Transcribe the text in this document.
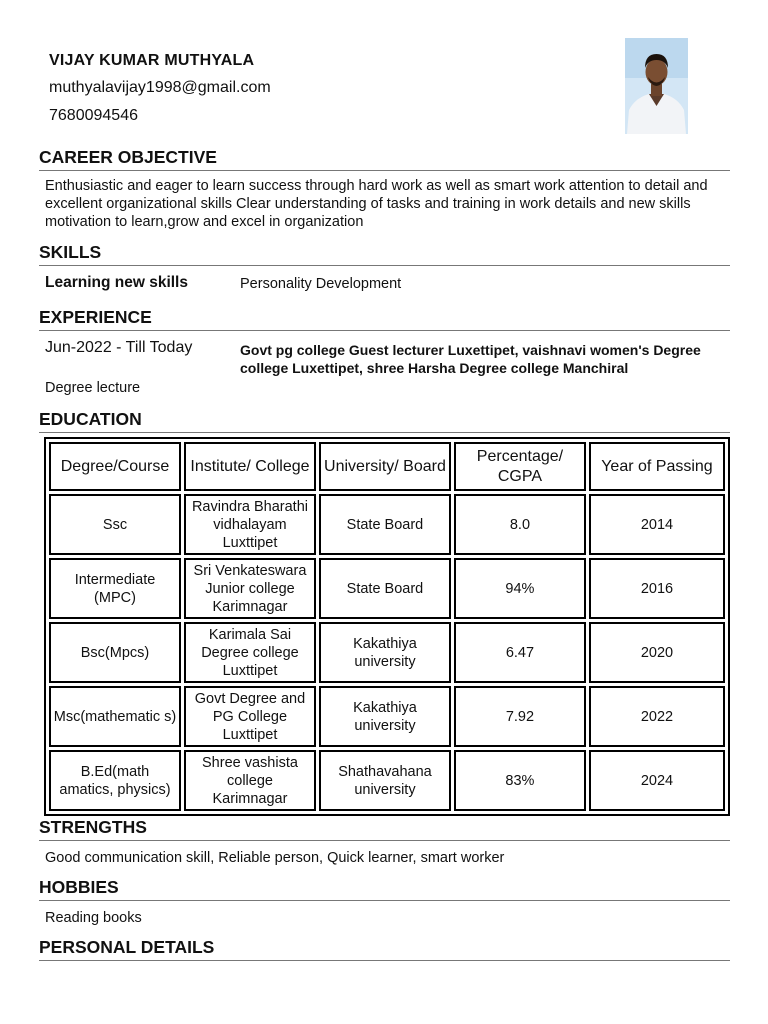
VIJAY KUMAR MUTHYALA
muthyalavijay1998@gmail.com
7680094546
CAREER OBJECTIVE
Enthusiastic and eager to learn success through hard work as well as smart work attention to detail and excellent organizational skills Clear understanding of tasks and training in work details and new skills motivation to learn,grow and excel in organization
SKILLS
Learning new skills	Personality Development
EXPERIENCE
Jun-2022 - Till Today	Govt pg college Guest lecturer Luxettipet, vaishnavi women's Degree college Luxettipet, shree Harsha Degree college Manchiral
Degree lecture
EDUCATION
Degree/Course	Institute/ College	University/ Board	Percentage/ CGPA	Year of Passing
Ssc	Ravindra Bharathi vidhalayam Luxttipet	State Board	8.0	2014
Intermediate (MPC)	Sri Venkateswara Junior college Karimnagar	State Board	94%	2016
Bsc(Mpcs)	Karimala Sai Degree college Luxttipet	Kakathiya university	6.47	2020
Msc(mathematic s)	Govt Degree and PG College Luxttipet	Kakathiya university	7.92	2022
B.Ed(math amatics, physics)	Shree vashista college Karimnagar	Shathavahana university	83%	2024
STRENGTHS
Good communication skill, Reliable person, Quick learner, smart worker
HOBBIES
Reading books
PERSONAL DETAILS
